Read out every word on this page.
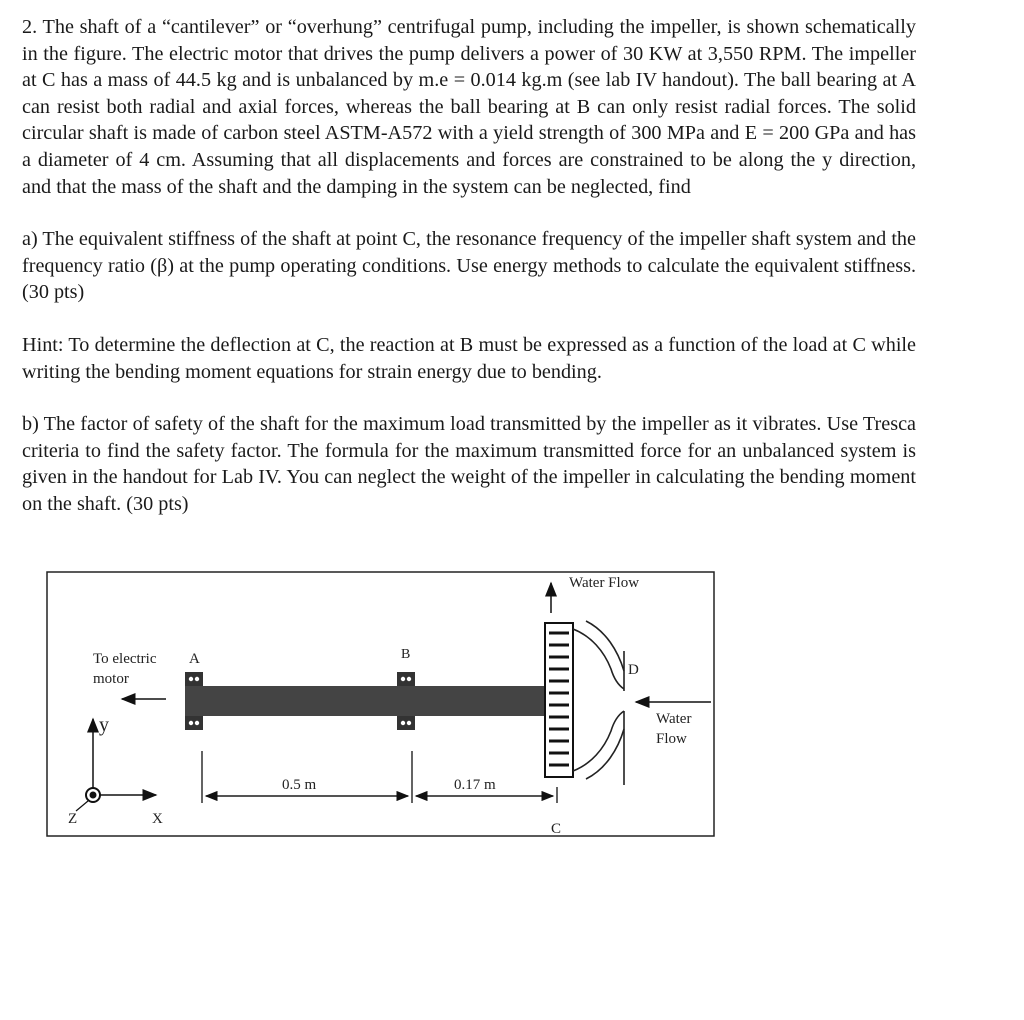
2. The shaft of a “cantilever” or “overhung” centrifugal pump, including the impeller, is shown schematically in the figure. The electric motor that drives the pump delivers a power of 30 KW at 3,550 RPM. The impeller at C has a mass of 44.5 kg and is unbalanced by m.e = 0.014 kg.m (see lab IV handout). The ball bearing at A can resist both radial and axial forces, whereas the ball bearing at B can only resist radial forces. The solid circular shaft is made of carbon steel ASTM-A572 with a yield strength of 300 MPa and E = 200 GPa and has a diameter of 4 cm. Assuming that all displacements and forces are constrained to be along the y direction, and that the mass of the shaft and the damping in the system can be neglected, find

a) The equivalent stiffness of the shaft at point C, the resonance frequency of the impeller shaft system and the frequency ratio (β) at the pump operating conditions. Use energy methods to calculate the equivalent stiffness. (30 pts)

Hint: To determine the deflection at C, the reaction at B must be expressed as a function of the load at C while writing the bending moment equations for strain energy due to bending.

b) The factor of safety of the shaft for the maximum load transmitted by the impeller as it vibrates. Use Tresca criteria to find the safety factor. The formula for the maximum transmitted force for an unbalanced system is given in the handout for Lab IV. You can neglect the weight of the impeller in calculating the bending moment on the shaft. (30 pts)

Water Flow
D
Water
Flow
To electric
motor
A	B
C
y
X
Z
0.5 m	0.17 m
